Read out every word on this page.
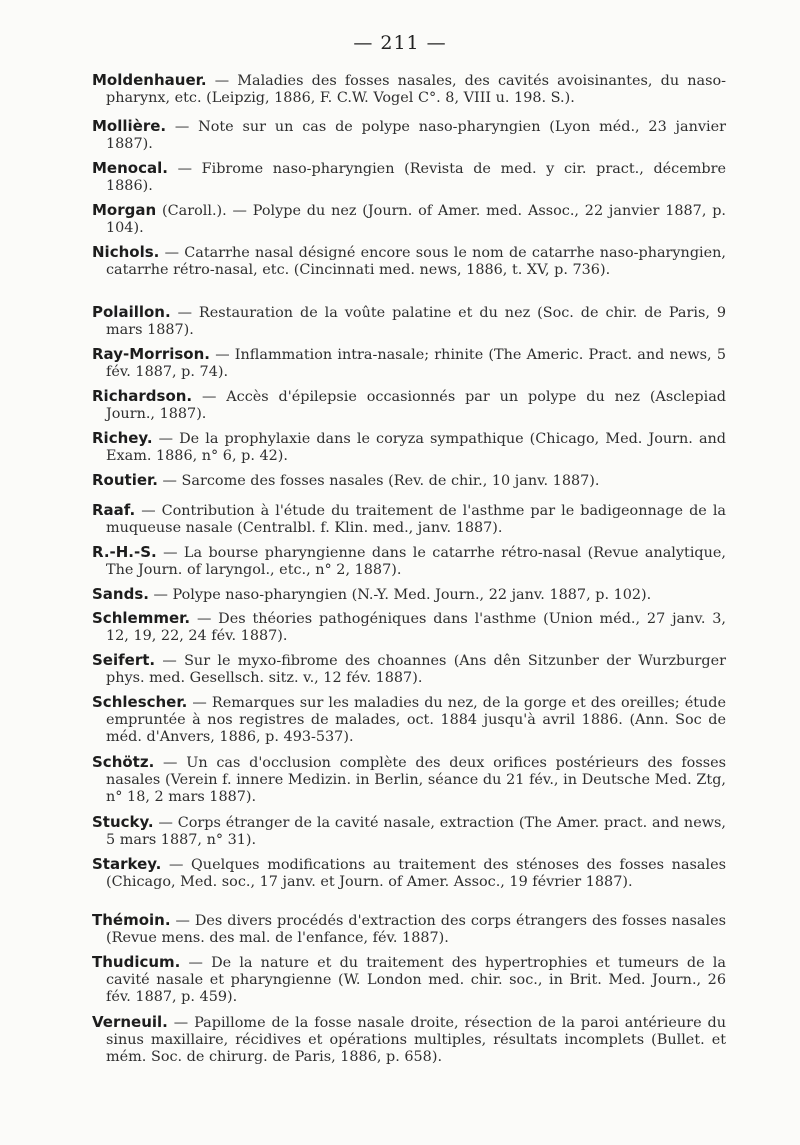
— 211 —

Moldenhauer. — Maladies des fosses nasales, des cavités avoisinantes, du naso-pharynx, etc. (Leipzig, 1886, F. C.W. Vogel C°. 8, VIII u. 198. S.).

Mollière. — Note sur un cas de polype naso-pharyngien (Lyon méd., 23 janvier 1887).

Menocal. — Fibrome naso-pharyngien (Revista de med. y cir. pract., décembre 1886).

Morgan (Caroll.). — Polype du nez (Journ. of Amer. med. Assoc., 22 janvier 1887, p. 104).

Nichols. — Catarrhe nasal désigné encore sous le nom de catarrhe naso-pharyngien, catarrhe rétro-nasal, etc. (Cincinnati med. news, 1886, t. XV, p. 736).

Polaillon. — Restauration de la voûte palatine et du nez (Soc. de chir. de Paris, 9 mars 1887).

Ray-Morrison. — Inflammation intra-nasale; rhinite (The Americ. Pract. and news, 5 fév. 1887, p. 74).

Richardson. — Accès d'épilepsie occasionnés par un polype du nez (Asclepiad Journ., 1887).

Richey. — De la prophylaxie dans le coryza sympathique (Chicago, Med. Journ. and Exam. 1886, n° 6, p. 42).

Routier. — Sarcome des fosses nasales (Rev. de chir., 10 janv. 1887).

Raaf. — Contribution à l'étude du traitement de l'asthme par le badigeonnage de la muqueuse nasale (Centralbl. f. Klin. med., janv. 1887).

R.-H.-S. — La bourse pharyngienne dans le catarrhe rétro-nasal (Revue analytique, The Journ. of laryngol., etc., n° 2, 1887).

Sands. — Polype naso-pharyngien (N.-Y. Med. Journ., 22 janv. 1887, p. 102).

Schlemmer. — Des théories pathogéniques dans l'asthme (Union méd., 27 janv. 3, 12, 19, 22, 24 fév. 1887).

Seifert. — Sur le myxo-fibrome des choannes (Ans dên Sitzunber der Wurzburger phys. med. Gesellsch. sitz. v., 12 fév. 1887).

Schlescher. — Remarques sur les maladies du nez, de la gorge et des oreilles; étude empruntée à nos registres de malades, oct. 1884 jusqu'à avril 1886. (Ann. Soc de méd. d'Anvers, 1886, p. 493-537).

Schötz. — Un cas d'occlusion complète des deux orifices postérieurs des fosses nasales (Verein f. innere Medizin. in Berlin, séance du 21 fév., in Deutsche Med. Ztg, n° 18, 2 mars 1887).

Stucky. — Corps étranger de la cavité nasale, extraction (The Amer. pract. and news, 5 mars 1887, n° 31).

Starkey. — Quelques modifications au traitement des sténoses des fosses nasales (Chicago, Med. soc., 17 janv. et Journ. of Amer. Assoc., 19 février 1887).

Thémoin. — Des divers procédés d'extraction des corps étrangers des fosses nasales (Revue mens. des mal. de l'enfance, fév. 1887).

Thudicum. — De la nature et du traitement des hypertrophies et tumeurs de la cavité nasale et pharyngienne (W. London med. chir. soc., in Brit. Med. Journ., 26 fév. 1887, p. 459).

Verneuil. — Papillome de la fosse nasale droite, résection de la paroi antérieure du sinus maxillaire, récidives et opérations multiples, résultats incomplets (Bullet. et mém. Soc. de chirurg. de Paris, 1886, p. 658).
